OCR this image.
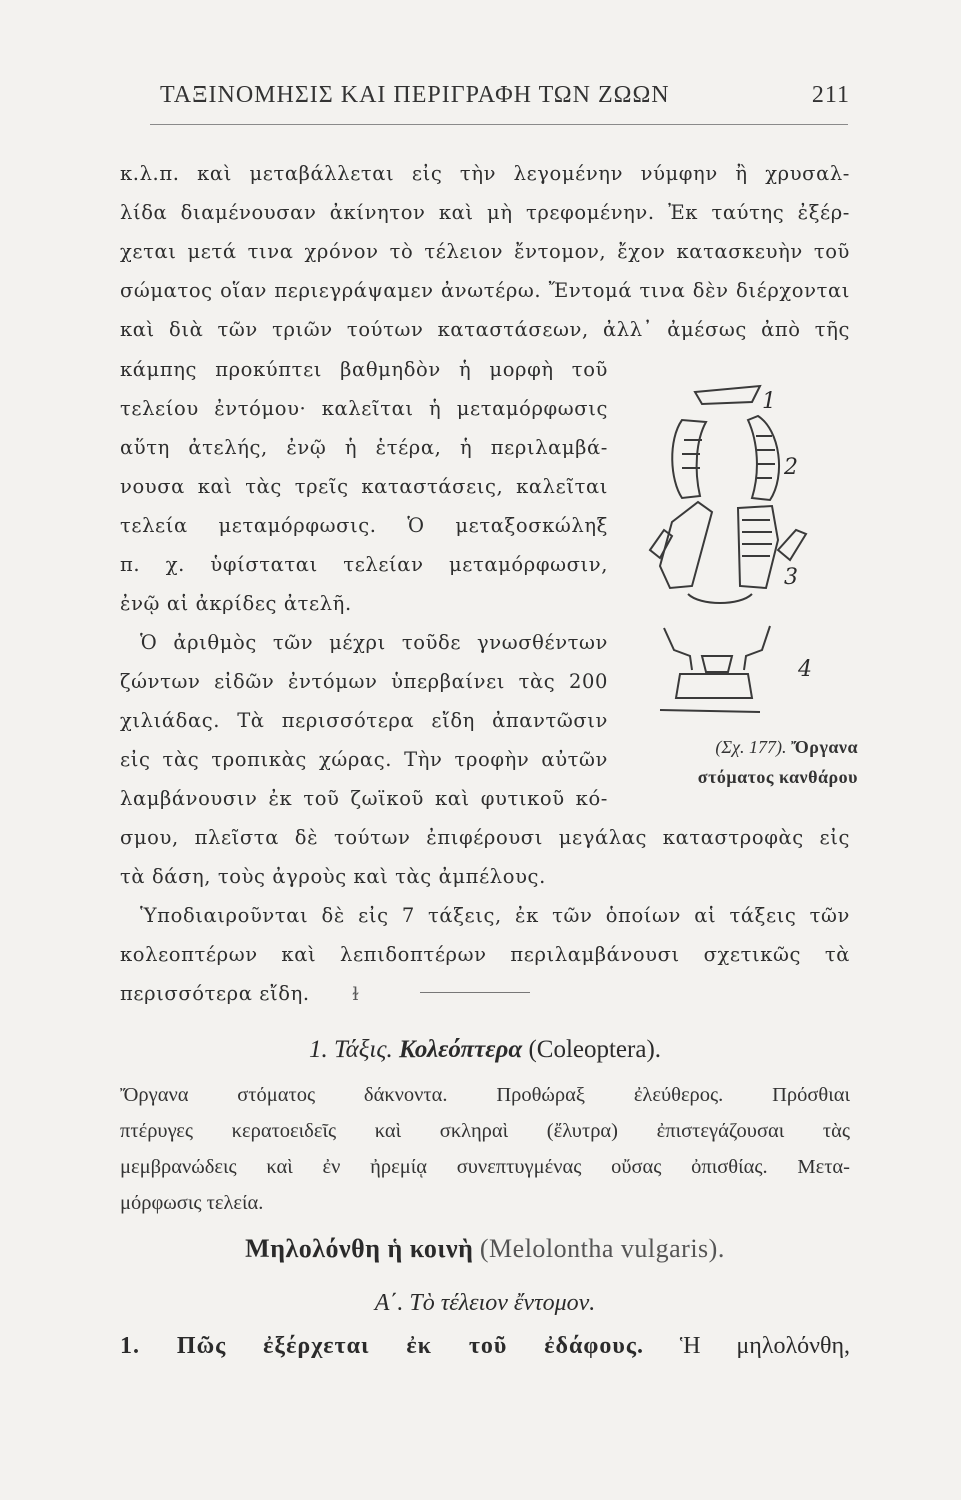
ΤΑΞΙΝΟΜΗΣΙΣ ΚΑΙ ΠΕΡΙΓΡΑΦΗ ΤΩΝ ΖΩΩΝ	211
κ.λ.π. καὶ μεταβάλλεται εἰς τὴν λεγομένην νύμφην ἢ χρυσαλ-
λίδα διαμένουσαν ἀκίνητον καὶ μὴ τρεφομένην. Ἐκ ταύτης ἐξέρ-
χεται μετά τινα χρόνον τὸ τέλειον ἔντομον, ἔχον κατασκευὴν τοῦ
σώματος οἵαν περιεγράψαμεν ἀνωτέρω. Ἔντομά τινα δὲν διέρχονται
καὶ διὰ τῶν τριῶν τούτων καταστάσεων, ἀλλ᾽ ἀμέσως ἀπὸ τῆς
κάμπης προκύπτει βαθμηδὸν ἡ μορφὴ τοῦ
τελείου ἐντόμου· καλεῖται ἡ μεταμόρφωσις
αὕτη ἀτελής, ἐνῷ ἡ ἑτέρα, ἡ περιλαμβά-
νουσα καὶ τὰς τρεῖς καταστάσεις, καλεῖται
τελεία μεταμόρφωσις. Ὁ μεταξοσκώληξ
π. χ. ὑφίσταται τελείαν μεταμόρφωσιν,
ἐνῷ αἱ ἀκρίδες ἀτελῆ.
Ὁ ἀριθμὸς τῶν μέχρι τοῦδε γνωσθέντων
ζώντων εἰδῶν ἐντόμων ὑπερβαίνει τὰς 200
χιλιάδας. Τὰ περισσότερα εἴδη ἀπαντῶσιν
εἰς τὰς τροπικὰς χώρας. Τὴν τροφὴν αὐτῶν
λαμβάνουσιν ἐκ τοῦ ζωϊκοῦ καὶ φυτικοῦ κό-
1
2
3
4
(Σχ. 177). Ὄργανα
στόματος κανθάρου
σμου, πλεῖστα δὲ τούτων ἐπιφέρουσι μεγάλας καταστροφὰς εἰς
τὰ δάση, τοὺς ἀγροὺς καὶ τὰς ἀμπέλους.
Ὑποδιαιροῦνται δὲ εἰς 7 τάξεις, ἐκ τῶν ὁποίων αἱ τάξεις τῶν
κολεοπτέρων καὶ λεπιδοπτέρων περιλαμβάνουσι σχετικῶς τὰ
περισσότερα εἴδη.	ɫ
1. Τάξις. Κολεόπτερα (Coleoptera).
Ὄργανα στόματος δάκνοντα. Προθώραξ ἐλεύθερος. Πρόσθιαι
πτέρυγες κερατοειδεῖς καὶ σκληραὶ (ἔλυτρα) ἐπιστεγάζουσαι τὰς
μεμβρανώδεις καὶ ἐν ἠρεμίᾳ συνεπτυγμένας οὔσας ὀπισθίας. Μετα-
μόρφωσις τελεία.
Μηλολόνθη ἡ κοινὴ (Melolontha vulgaris).
Α΄. Τὸ τέλειον ἔντομον.
1. Πῶς ἐξέρχεται ἐκ τοῦ ἐδάφους. Ἡ μηλολόνθη,
